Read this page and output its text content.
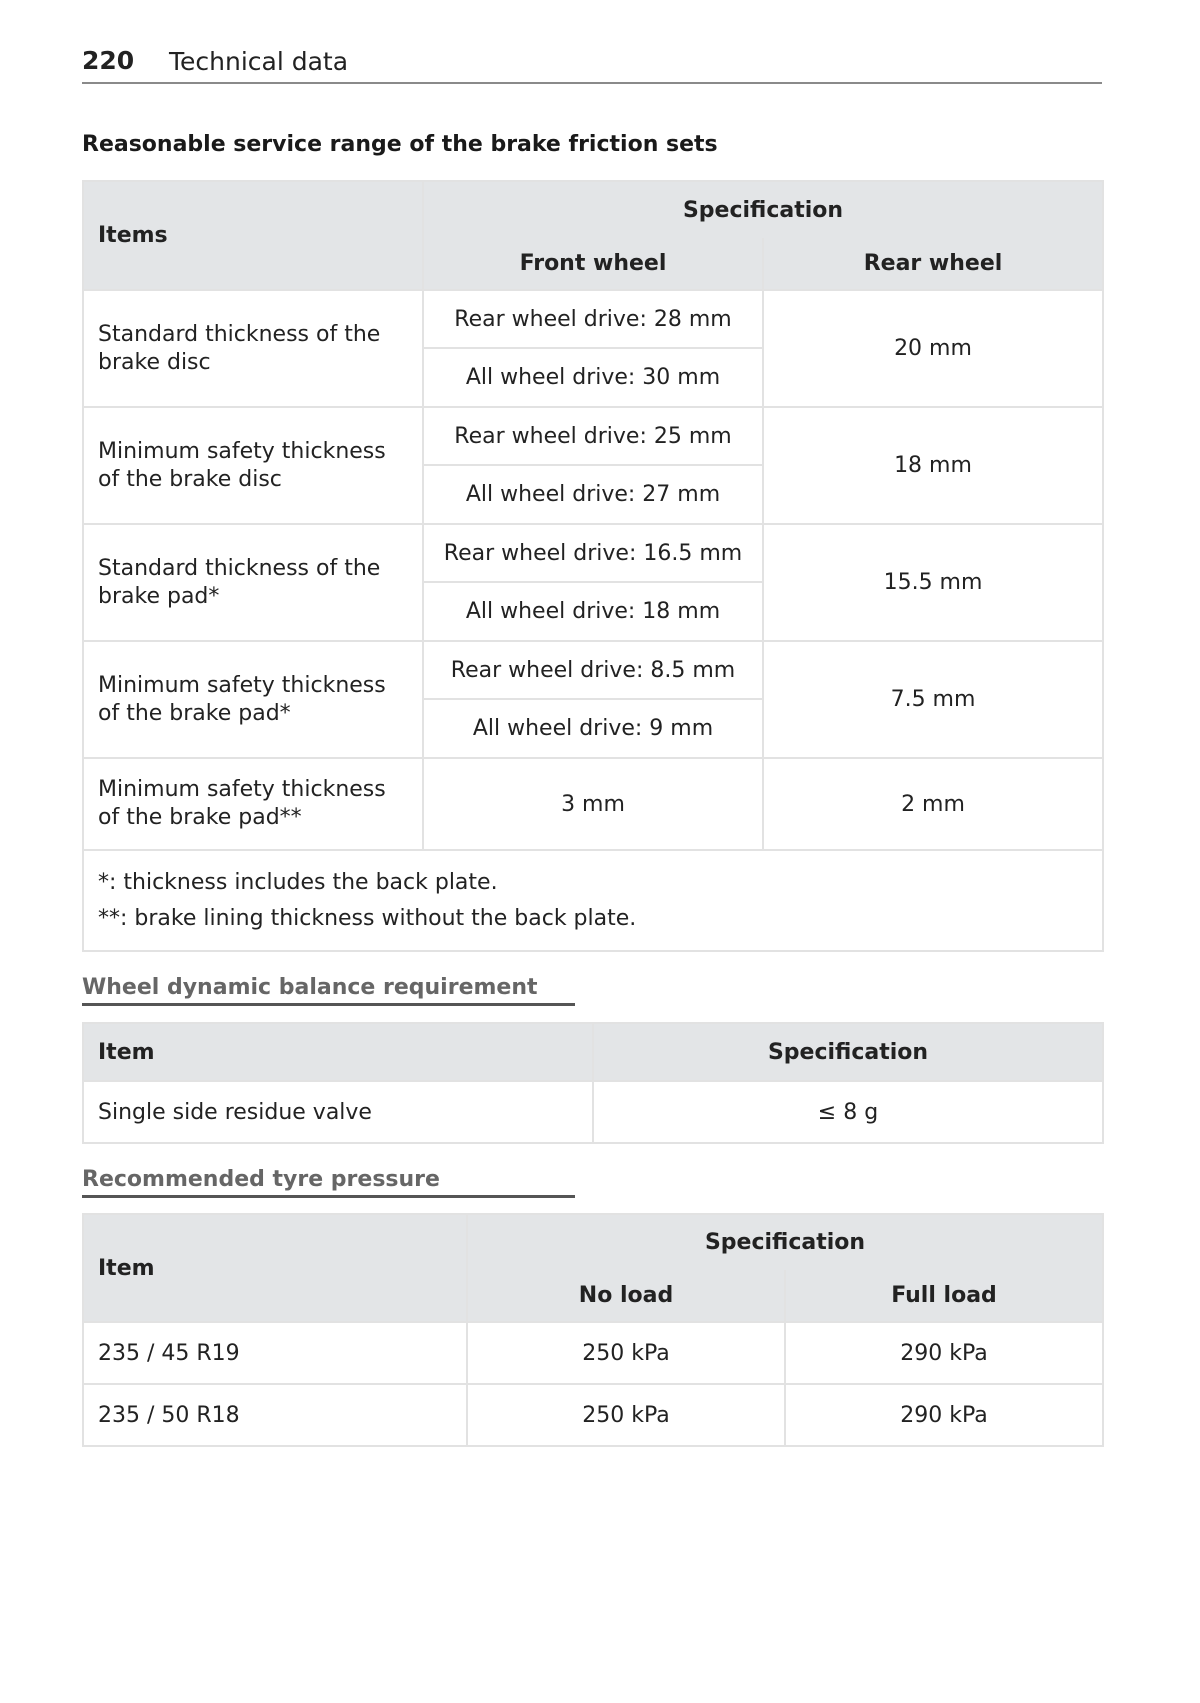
220 Technical data
Reasonable service range of the brake friction sets
Items	Specification	
	Front wheel	Rear wheel

Standard thickness of the
brake disc	Rear wheel drive: 28 mm	20 mm
	All wheel drive: 30 mm	

Minimum safety thickness
of the brake disc	Rear wheel drive: 25 mm	18 mm
	All wheel drive: 27 mm	

Standard thickness of the
brake pad*	Rear wheel drive: 16.5 mm	15.5 mm
	All wheel drive: 18 mm	

Minimum safety thickness
of the brake pad*	Rear wheel drive: 8.5 mm	7.5 mm
	All wheel drive: 9 mm	

Minimum safety thickness
of the brake pad**	3 mm	2 mm

*: thickness includes the back plate.
**: brake lining thickness without the back plate.		
Wheel dynamic balance requirement
Item	Specification
Single side residue valve	≤ 8 g
Recommended tyre pressure
Item	Specification	
	No load	Full load
235 / 45 R19	250 kPa	290 kPa
235 / 50 R18	250 kPa	290 kPa
